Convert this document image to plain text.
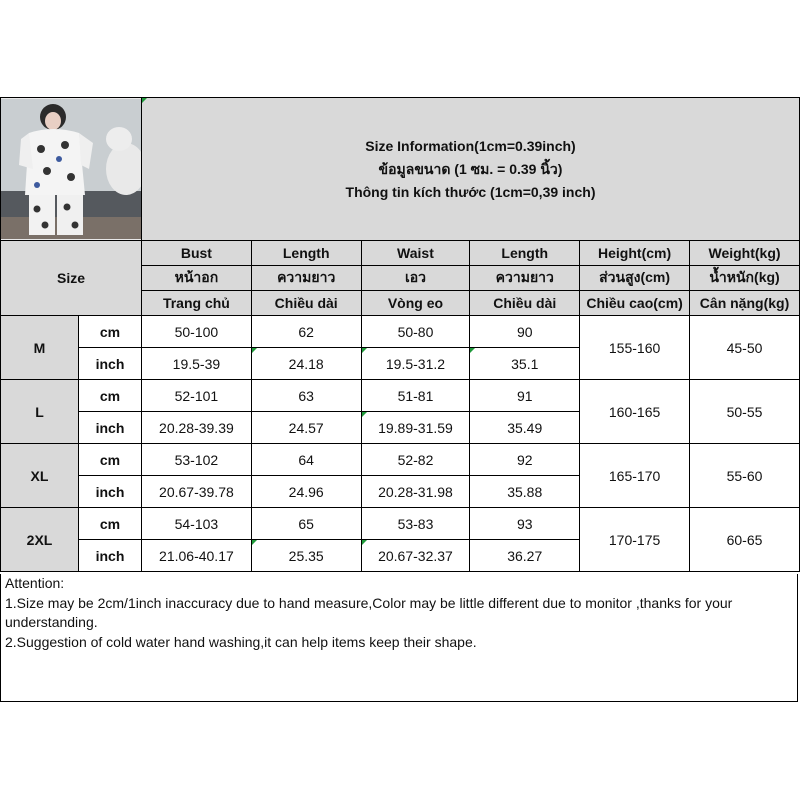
Size Information(1cm=0.39inch)
ข้อมูลขนาด (1 ซม. = 0.39 นิ้ว)
Thông tin kích thước (1cm=0,39 inch)					

Size		Bust	Length	Waist	Length	Height(cm)	Weight(kg)
		หน้าอก	ความยาว	เอว	ความยาว	ส่วนสูง(cm)	น้ำหนัก(kg)
		Trang chủ	Chiều dài	Vòng eo	Chiều dài	Chiều cao(cm)	Cân nặng(kg)
M	cm	50-100	62	50-80	90	155-160	45-50
	inch	19.5-39	24.18	19.5-31.2	35.1		
L	cm	52-101	63	51-81	91	160-165	50-55
	inch	20.28-39.39	24.57	19.89-31.59	35.49		
XL	cm	53-102	64	52-82	92	165-170	55-60
	inch	20.67-39.78	24.96	20.28-31.98	35.88		
2XL	cm	54-103	65	53-83	93	170-175	60-65
	inch	21.06-40.17	25.35	20.67-32.37	36.27		
Attention:
1.Size may be 2cm/1inch inaccuracy due to hand measure,Color may be little different due to monitor ,thanks for your understanding.
2.Suggestion of cold water hand washing,it can help items keep their shape.
